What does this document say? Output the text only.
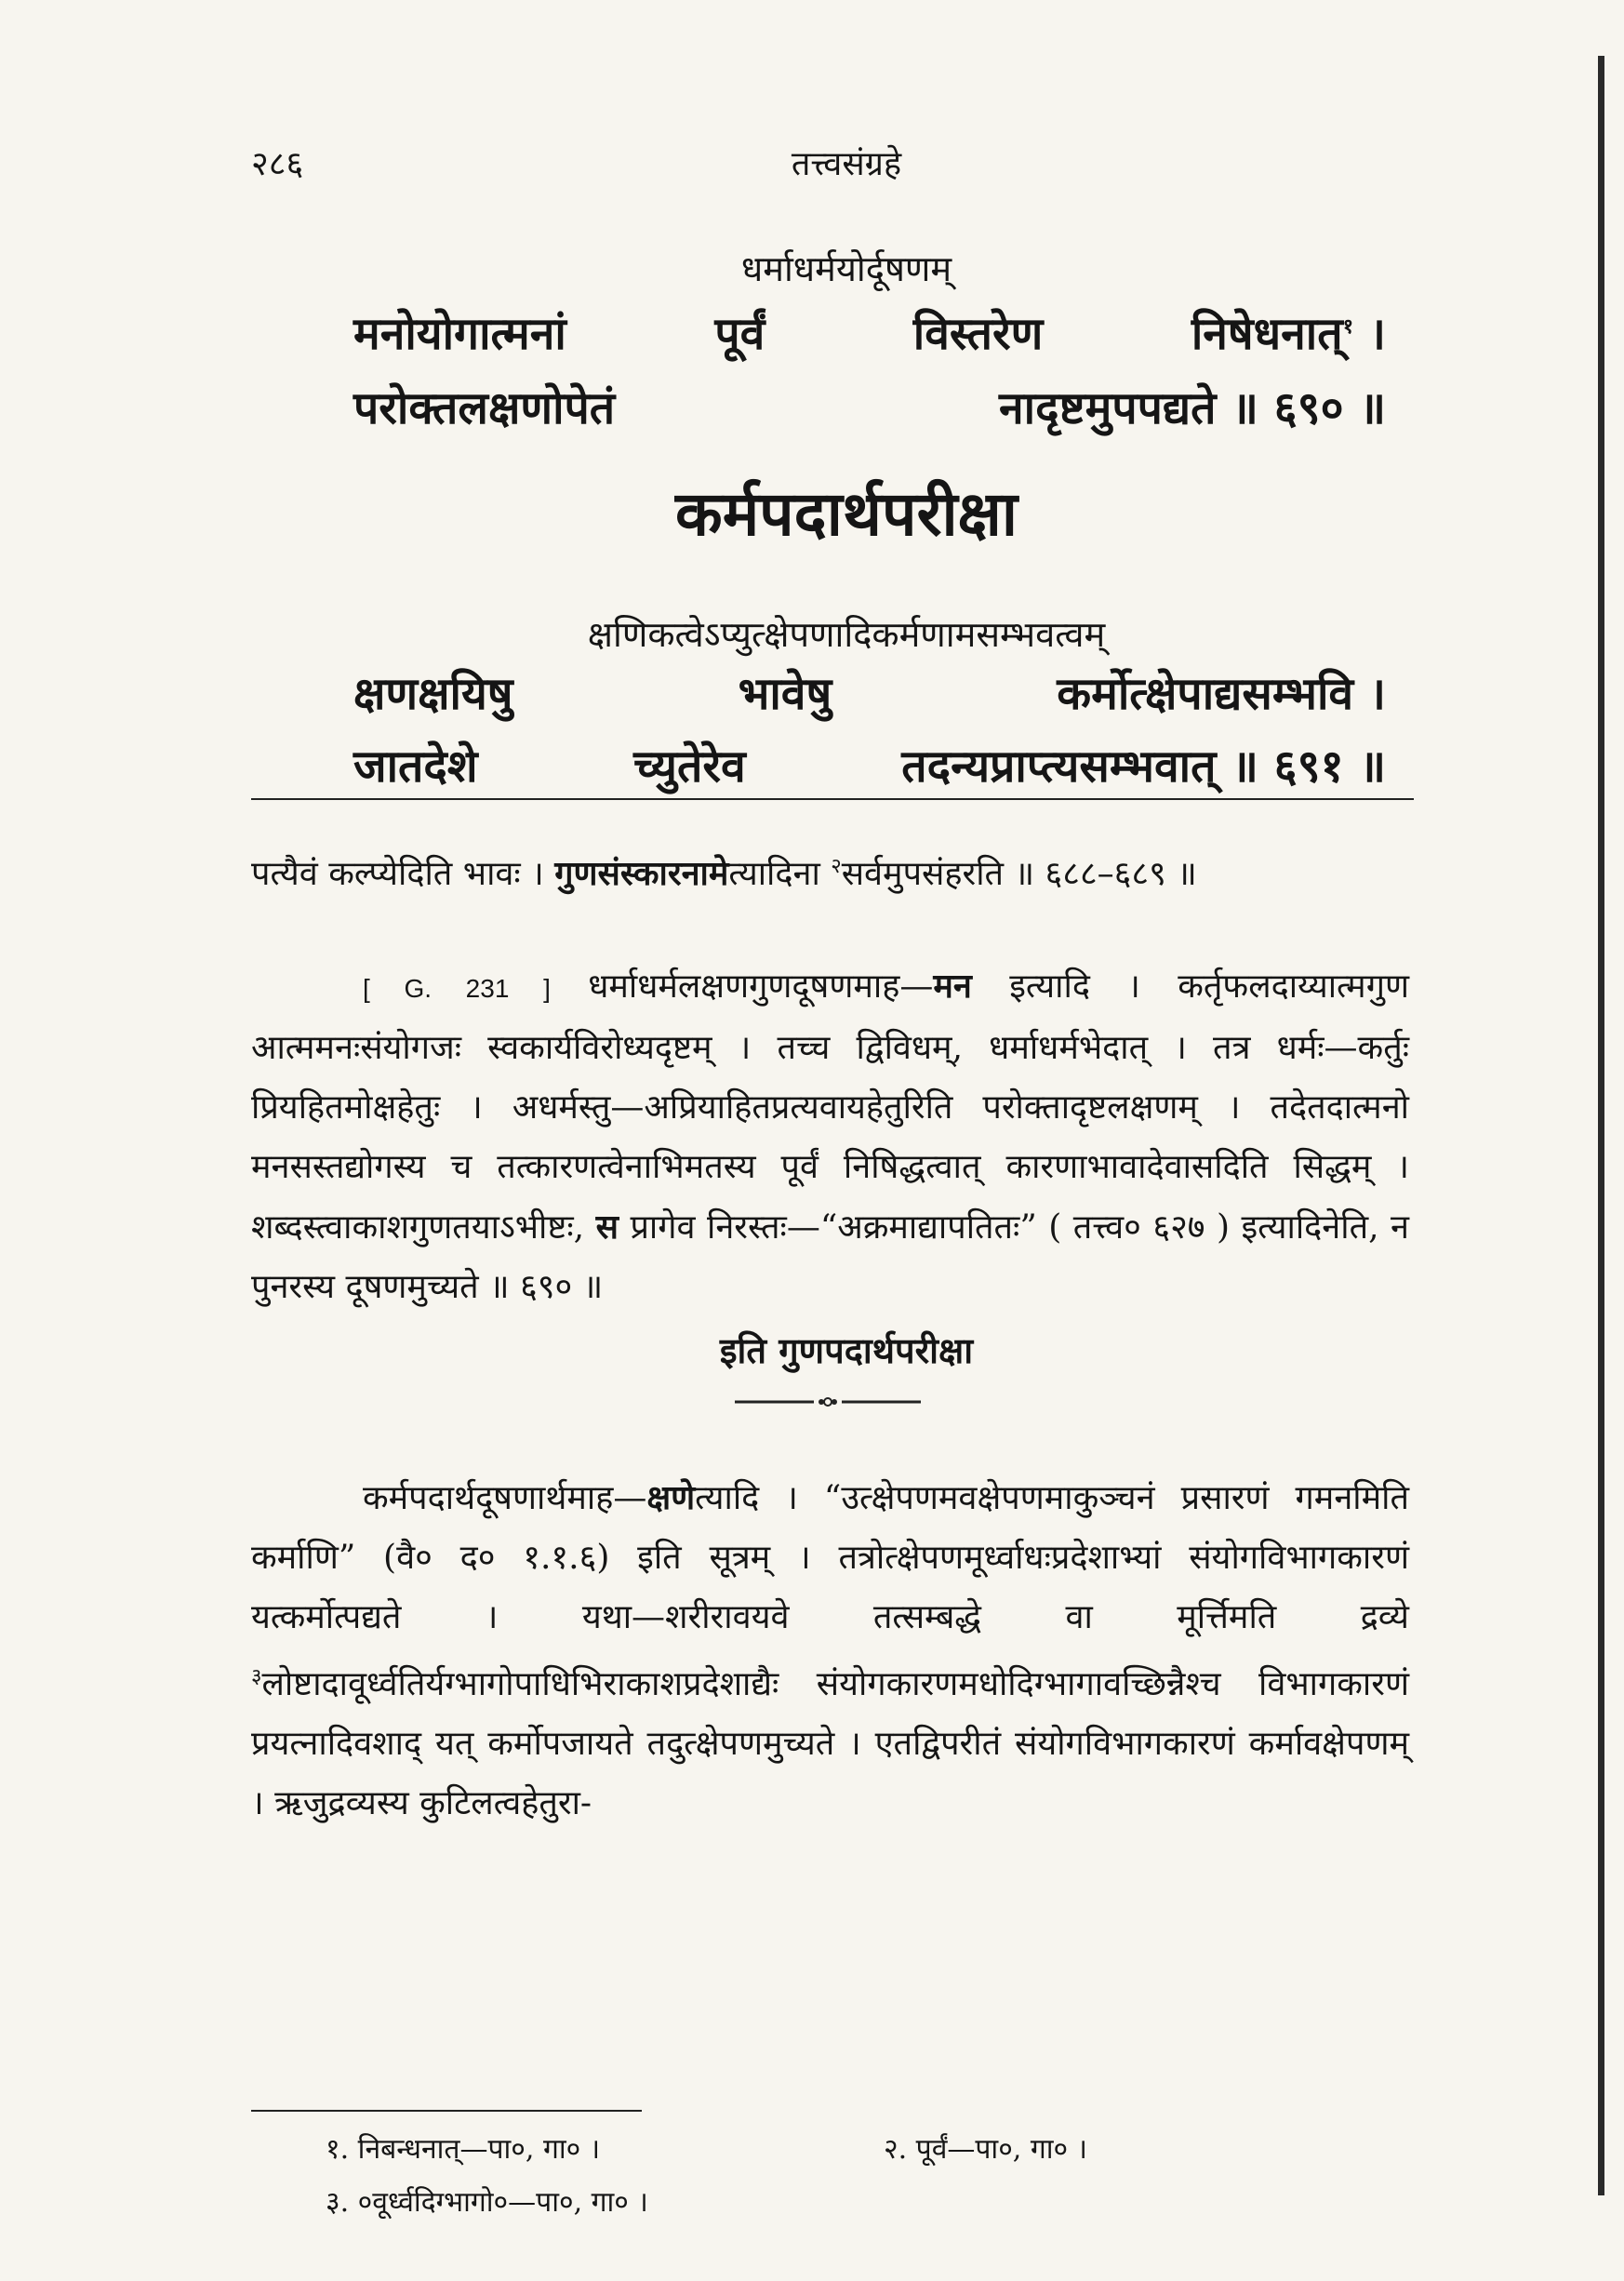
२८६	तत्त्वसंग्रहे
धर्माधर्मयोर्दूषणम्
मनोयोगात्मनां	पूर्वं	विस्तरेण	निषेधनात्$^१$ ।
परोक्तलक्षणोपेतं	नादृष्टमुपपद्यते ॥ ६९० ॥
कर्मपदार्थपरीक्षा
क्षणिकत्वेऽप्युत्क्षेपणादिकर्मणामसम्भवत्वम्
क्षणक्षयिषु	भावेषु	कर्मोत्क्षेपाद्यसम्भवि ।
जातदेशे	च्युतेरेव	तदन्यप्राप्त्यसम्भवात् ॥ ६९१ ॥
पत्यैवं कल्प्येदिति भावः । गुणसंस्कारनामेत्यादिना $^२$सर्वमुपसंहरति ॥ ६८८–६८९ ॥
[ G. 231 ] धर्माधर्मलक्षणगुणदूषणमाह—मन इत्यादि । कर्तृफलदाय्यात्मगुण आत्ममनःसंयोगजः स्वकार्यविरोध्यदृष्टम् । तच्च द्विविधम्, धर्माधर्मभेदात् । तत्र धर्मः—कर्तुः प्रियहितमोक्षहेतुः । अधर्मस्तु—अप्रियाहितप्रत्यवायहेतुरिति परोक्तादृष्टलक्षणम् । तदेतदात्मनो मनसस्तद्योगस्य च तत्कारणत्वेनाभिमतस्य पूर्वं निषिद्धत्वात् कारणाभावादेवासदिति सिद्धम् । शब्दस्त्वाकाशगुणतयाऽभीष्टः, स प्रागेव निरस्तः—“अक्रमाद्यापतितः” ( तत्त्व० ६२७ ) इत्यादिनेति, न पुनरस्य दूषणमुच्यते ॥ ६९० ॥
इति गुणपदार्थपरीक्षा
कर्मपदार्थदूषणार्थमाह—क्षणेत्यादि । “उत्क्षेपणमवक्षेपणमाकुञ्चनं प्रसारणं गमनमिति कर्माणि” (वै० द० १.१.६) इति सूत्रम् । तत्रोत्क्षेपणमूर्ध्वाधःप्रदेशाभ्यां संयोगविभागकारणं यत्कर्मोत्पद्यते । यथा—शरीरावयवे तत्सम्बद्धे वा मूर्त्तिमति द्रव्ये $^३$लोष्टादावूर्ध्वतिर्यग्भागोपाधिभिराकाशप्रदेशाद्यैः संयोगकारणमधोदिग्भागावच्छिन्नैश्च विभागकारणं प्रयत्नादिवशाद् यत् कर्मोपजायते तदुत्क्षेपणमुच्यते । एतद्विपरीतं संयोगविभागकारणं कर्मावक्षेपणम् । ऋजुद्रव्यस्य कुटिलत्वहेतुरा-
१. निबन्धनात्—पा०, गा० ।	२. पूर्वं—पा०, गा० ।
३. ०वूर्ध्वदिग्भागो०—पा०, गा० ।
